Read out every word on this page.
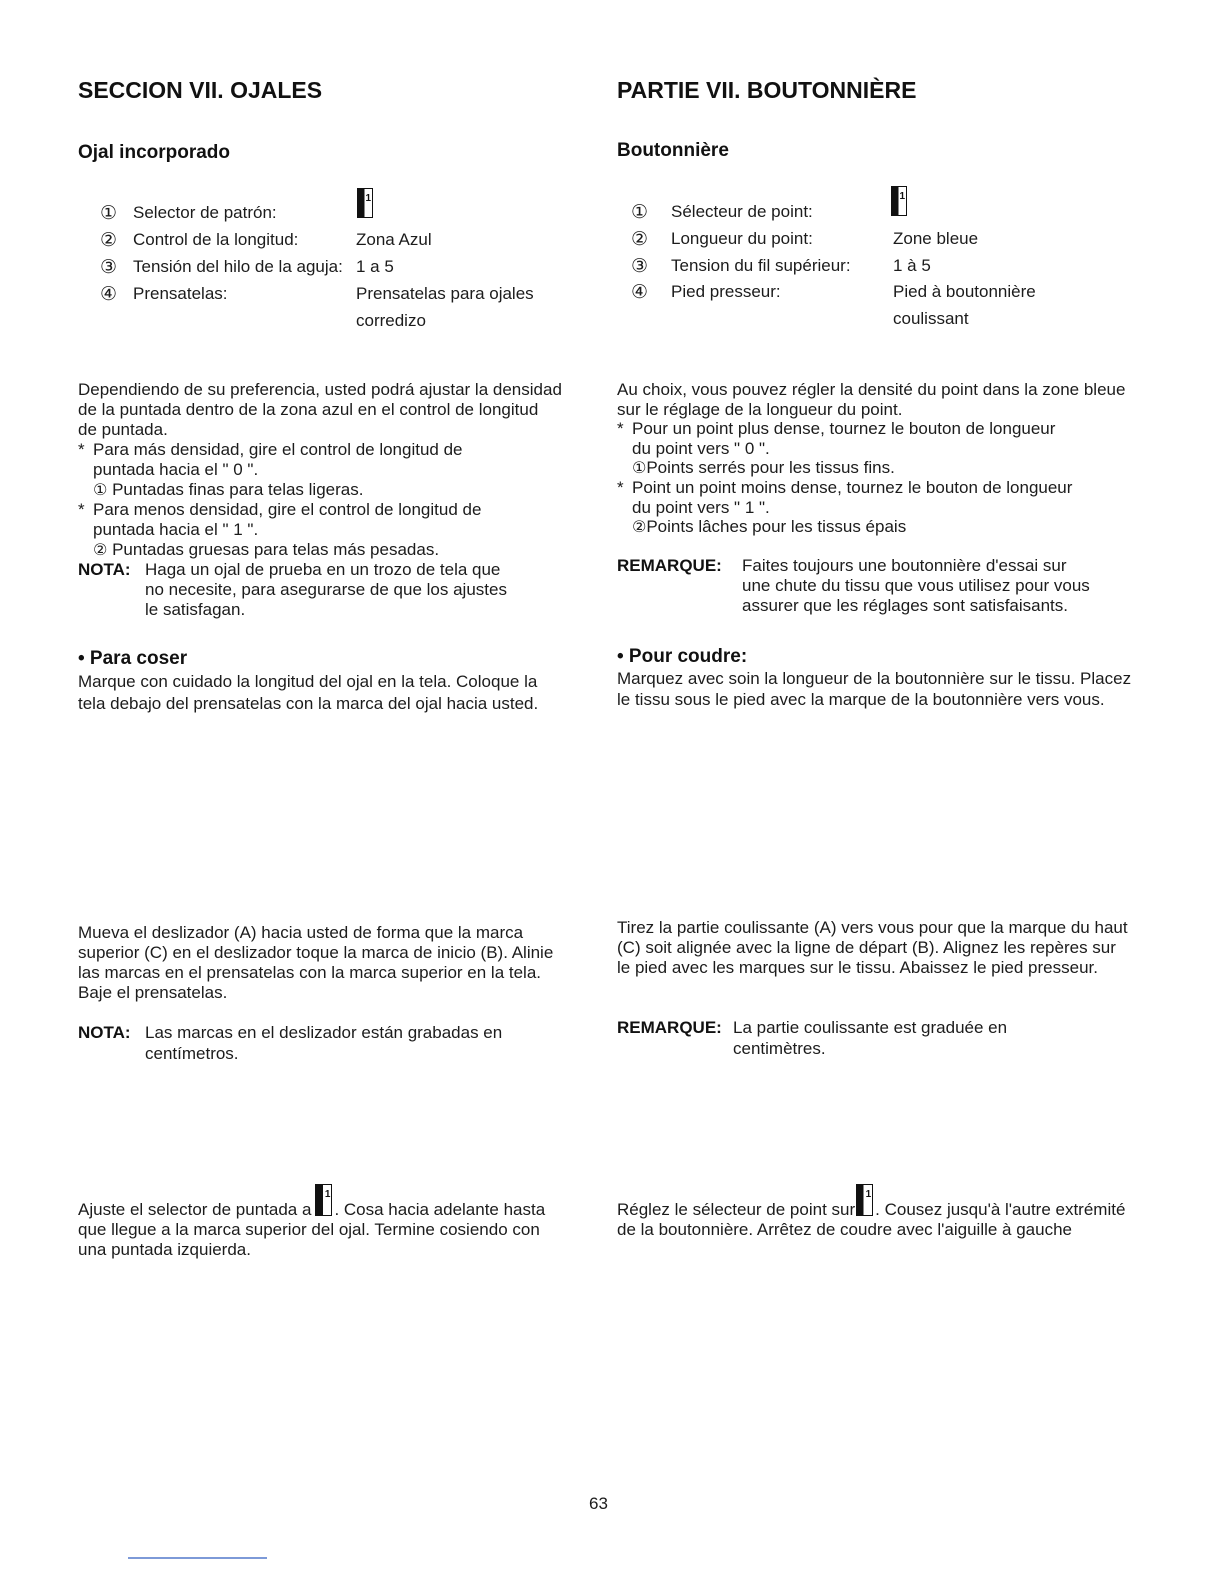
SECCION VII. OJALES
Ojal incorporado
① Selector de patrón:
1
② Control de la longitud:	Zona Azul
③ Tensión del hilo de la aguja: 1 a 5
④ Prensatelas:	Prensatelas para ojales
corredizo
Dependiendo de su preferencia, usted podrá ajustar la densidad
de la puntada dentro de la zona azul en el control de longitud
de puntada.
* Para más densidad, gire el control de longitud de
puntada hacia el " 0 ".
① Puntadas finas para telas ligeras.
* Para menos densidad, gire el control de longitud de
puntada hacia el " 1 ".
② Puntadas gruesas para telas más pesadas.
NOTA: Haga un ojal de prueba en un trozo de tela que
no necesite, para asegurarse de que los ajustes
le satisfagan.
• Para coser
Marque con cuidado la longitud del ojal en la tela. Coloque la
tela debajo del prensatelas con la marca del ojal hacia usted.
Mueva el deslizador (A) hacia usted de forma que la marca
superior (C) en el deslizador toque la marca de inicio (B). Alinie
las marcas en el prensatelas con la marca superior en la tela.
Baje el prensatelas.
NOTA: Las marcas en el deslizador están grabadas en
centímetros.
Ajuste el selector de puntada a
1
. Cosa hacia adelante hasta
que llegue a la marca superior del ojal. Termine cosiendo con
una puntada izquierda.
PARTIE VII. BOUTONNIÈRE
Boutonnière
① Sélecteur de point:
1
② Longueur du point:	Zone bleue
③ Tension du fil supérieur: 1 à 5
④ Pied presseur:	Pied à boutonnière
coulissant
Au choix, vous pouvez régler la densité du point dans la zone bleue
sur le réglage de la longueur du point.
* Pour un point plus dense, tournez le bouton de longueur
du point vers " 0 ".
①Points serrés pour les tissus fins.
* Point un point moins dense, tournez le bouton de longueur
du point vers " 1 ".
②Points lâches pour les tissus épais
REMARQUE: Faites toujours une boutonnière d'essai sur
une chute du tissu que vous utilisez pour vous
assurer que les réglages sont satisfaisants.
• Pour coudre:
Marquez avec soin la longueur de la boutonnière sur le tissu. Placez
le tissu sous le pied avec la marque de la boutonnière vers vous.
Tirez la partie coulissante (A) vers vous pour que la marque du haut
(C) soit alignée avec la ligne de départ (B). Alignez les repères sur
le pied avec les marques sur le tissu. Abaissez le pied presseur.
REMARQUE: La partie coulissante est graduée en
centimètres.
Réglez le sélecteur de point sur
1
. Cousez jusqu'à l'autre extrémité
de la boutonnière. Arrêtez de coudre avec l'aiguille à gauche
63
